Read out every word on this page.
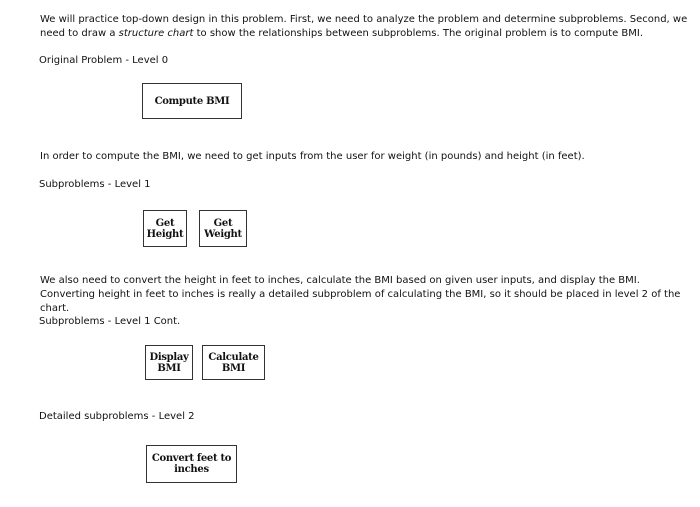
We will practice top-down design in this problem. First, we need to analyze the problem and determine subproblems. Second, we need to draw a structure chart to show the relationships between subproblems. The original problem is to compute BMI.
Original Problem - Level 0
Compute BMI
In order to compute the BMI, we need to get inputs from the user for weight (in pounds) and height (in feet).
Subproblems - Level 1
Get
Height
Get
Weight
We also need to convert the height in feet to inches, calculate the BMI based on given user inputs, and display the BMI. Converting height in feet to inches is really a detailed subproblem of calculating the BMI, so it should be placed in level 2 of the chart.
Subproblems - Level 1 Cont.
Display
BMI
Calculate
BMI
Detailed subproblems - Level 2
Convert feet to
inches
